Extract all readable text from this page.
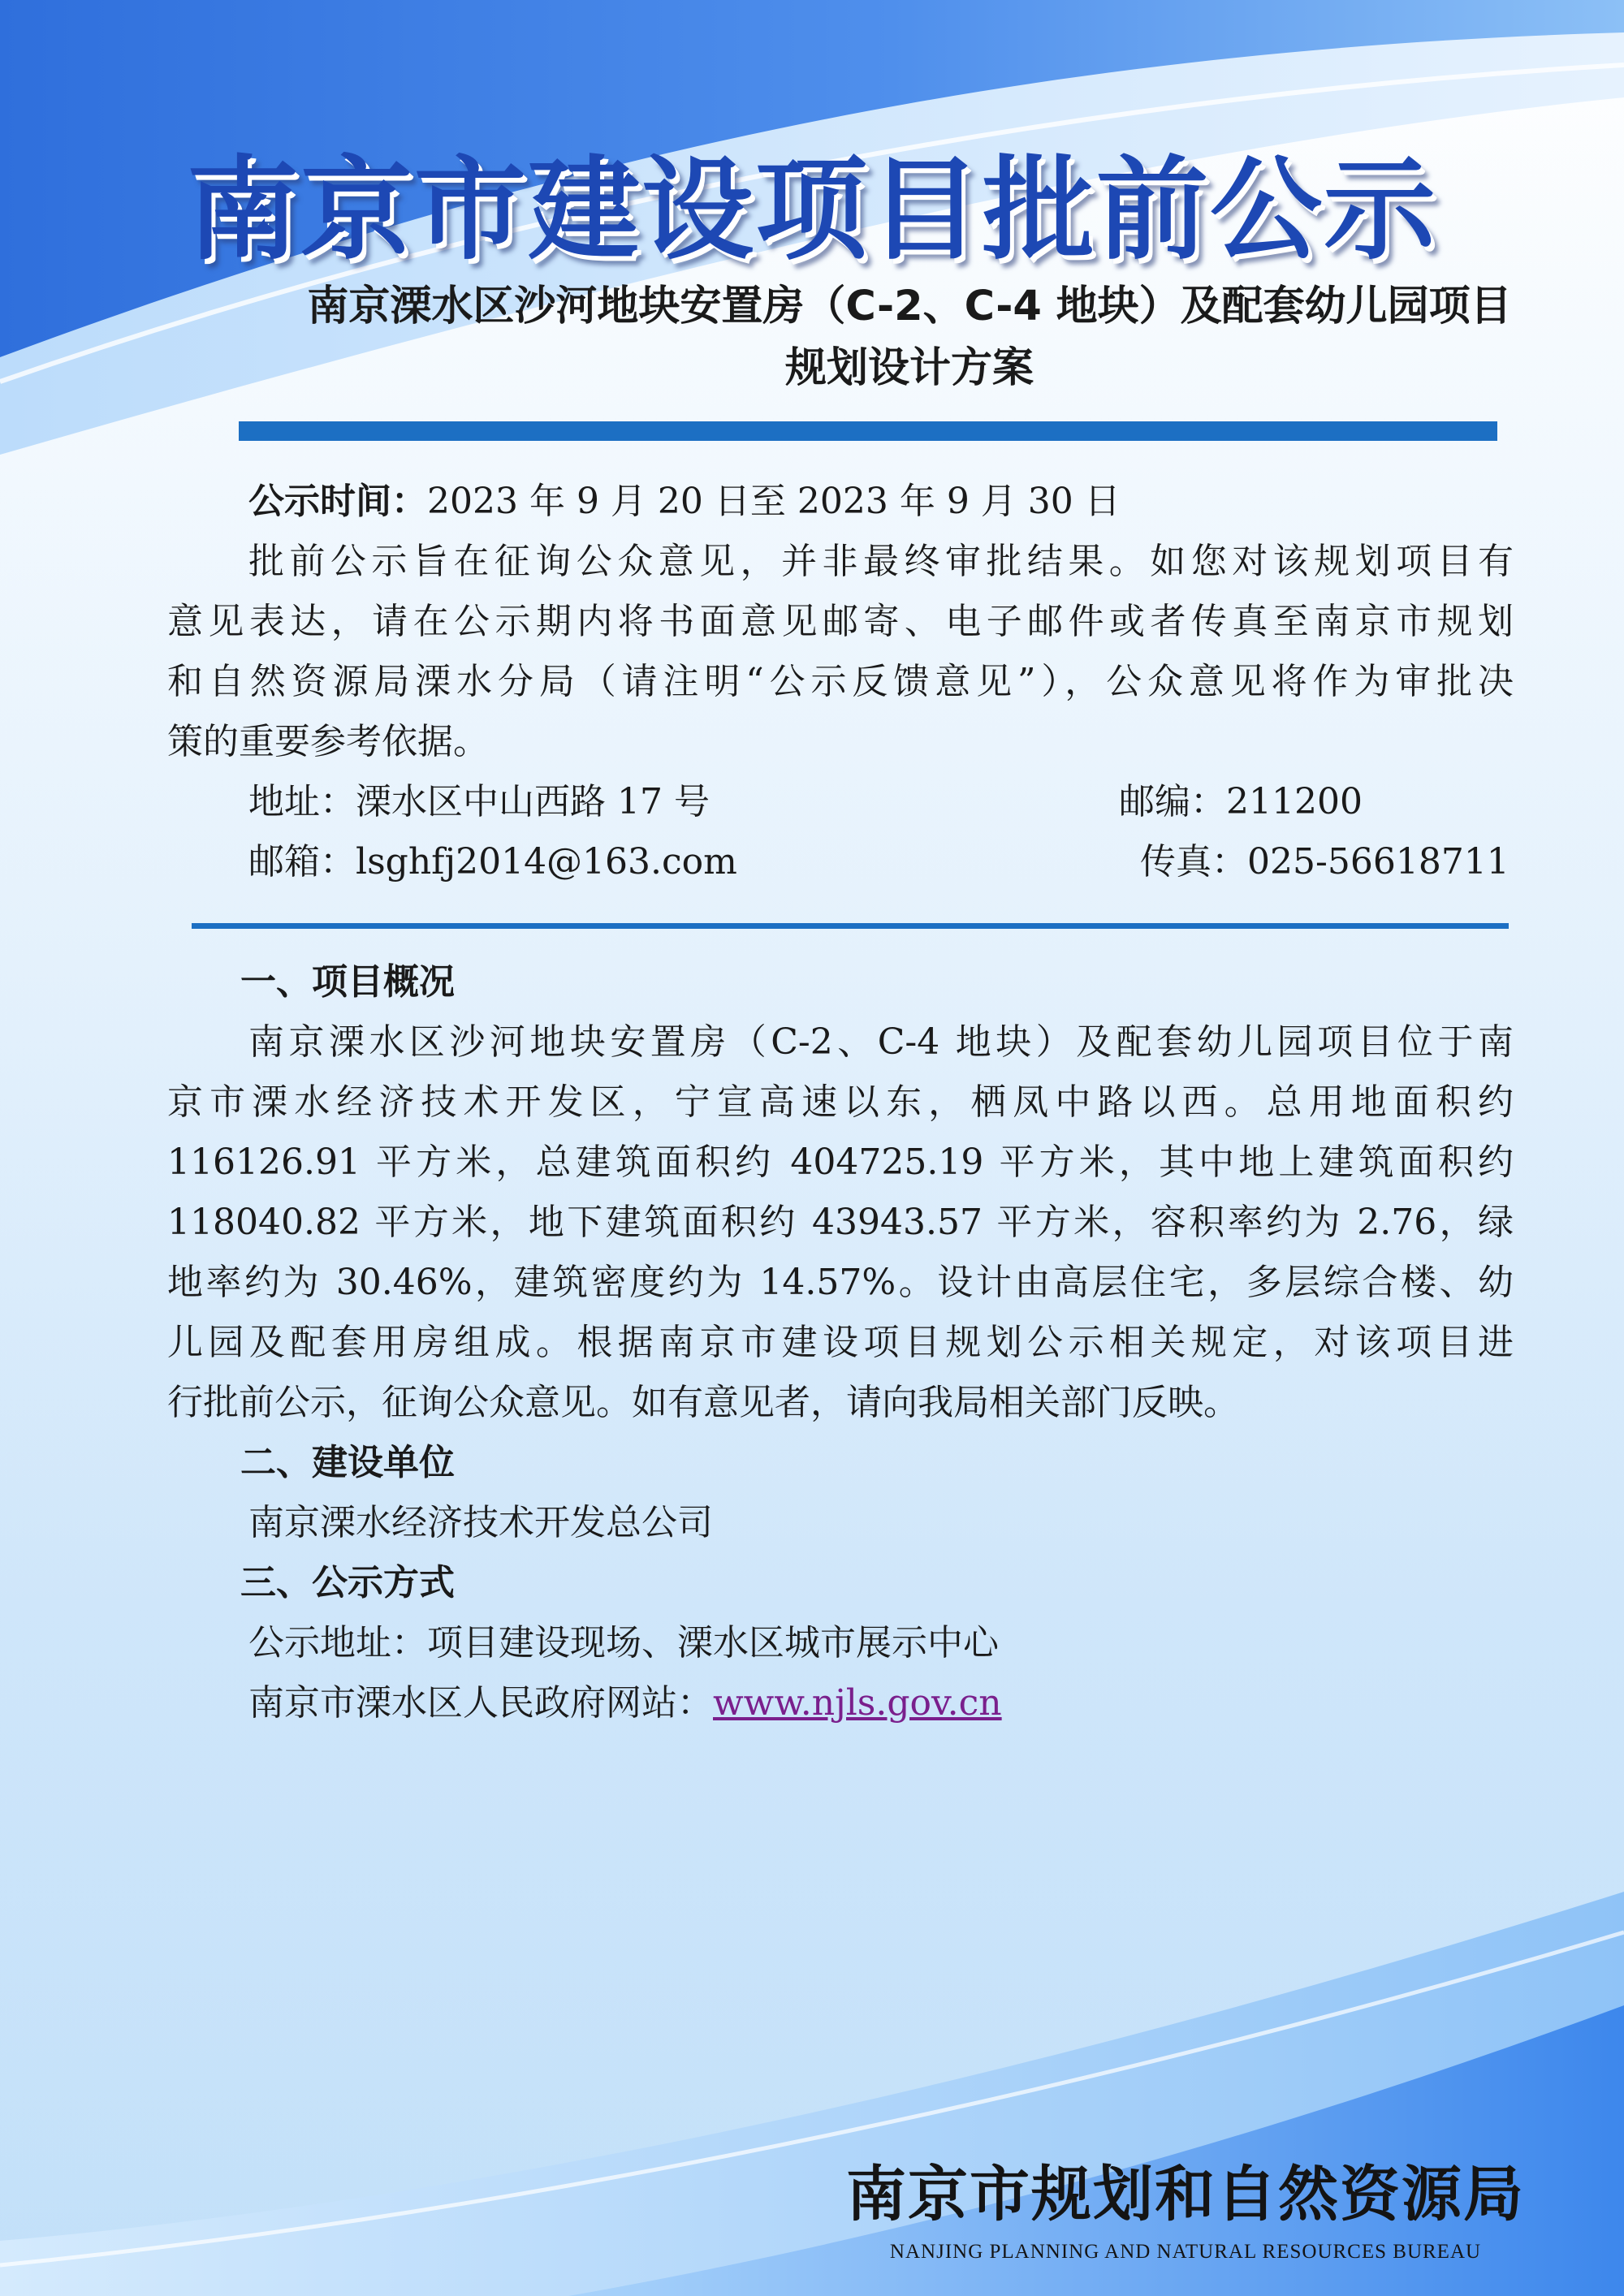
南京市建设项目批前公示
南京溧水区沙河地块安置房（C-2、C-4 地块）及配套幼儿园项目
规划设计方案
公示时间：2023 年 9 月 20 日至 2023 年 9 月 30 日
批前公示旨在征询公众意见，并非最终审批结果。如您对该规划项目有
意见表达，请在公示期内将书面意见邮寄、电子邮件或者传真至南京市规划
和自然资源局溧水分局（请注明“公示反馈意见”），公众意见将作为审批决
策的重要参考依据。
地址：溧水区中山西路 17 号	邮编：211200
邮箱：lsghfj2014@163.com	传真：025-56618711
一、项目概况
南京溧水区沙河地块安置房（C-2、C-4 地块）及配套幼儿园项目位于南
京市溧水经济技术开发区，宁宣高速以东，栖凤中路以西。总用地面积约
116126.91 平方米，总建筑面积约 404725.19 平方米，其中地上建筑面积约
118040.82 平方米，地下建筑面积约 43943.57 平方米，容积率约为 2.76，绿
地率约为 30.46%，建筑密度约为 14.57%。设计由高层住宅，多层综合楼、幼
儿园及配套用房组成。根据南京市建设项目规划公示相关规定，对该项目进
行批前公示，征询公众意见。如有意见者，请向我局相关部门反映。
二、建设单位
南京溧水经济技术开发总公司
三、公示方式
公示地址：项目建设现场、溧水区城市展示中心
南京市溧水区人民政府网站：www.njls.gov.cn
南京市规划和自然资源局
NANJING PLANNING AND NATURAL RESOURCES BUREAU
